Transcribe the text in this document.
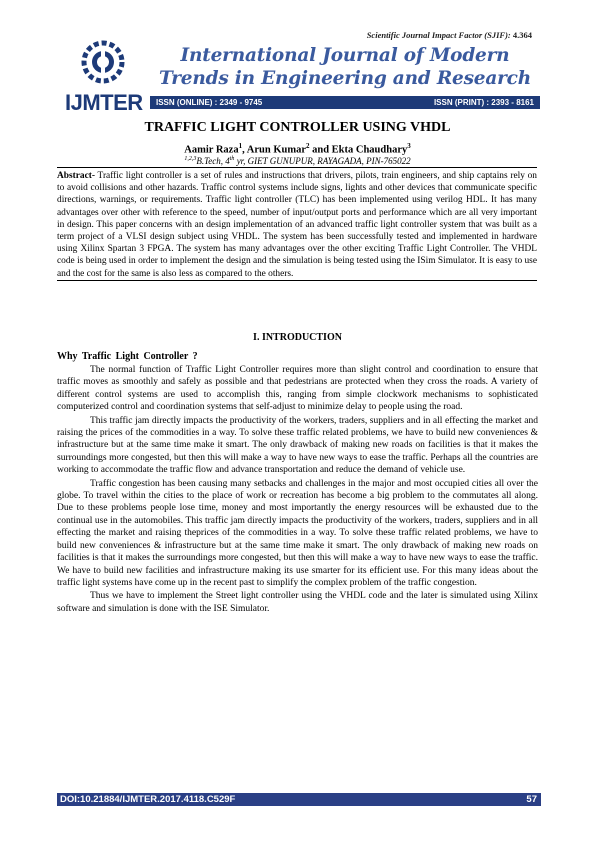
Scientific Journal Impact Factor (SJIF): 4.364
IJMTER
International Journal of Modern Trends in Engineering and Research
ISSN (ONLINE) : 2349 - 9745	ISSN (PRINT) : 2393 - 8161
TRAFFIC LIGHT CONTROLLER USING VHDL
Aamir Raza$^1$, Arun Kumar$^2$ and Ekta Chaudhary$^3$
$^{1,2,3}$B.Tech, 4th yr, GIET GUNUPUR, RAYAGADA, PIN-765022
Abstract- Traffic light controller is a set of rules and instructions that drivers, pilots, train engineers, and ship captains rely on to avoid collisions and other hazards. Traffic control systems include signs, lights and other devices that communicate specific directions, warnings, or requirements. Traffic light controller (TLC) has been implemented using verilog HDL. It has many advantages over other with reference to the speed, number of input/output ports and performance which are all very important in design. This paper concerns with an design implementation of an advanced traffic light controller system that was built as a term project of a VLSI design subject using VHDL. The system has been successfully tested and implemented in hardware using Xilinx Spartan 3 FPGA. The system has many advantages over the other exciting Traffic Light Controller. The VHDL code is being used in order to implement the design and the simulation is being tested using the ISim Simulator. It is easy to use and the cost for the same is also less as compared to the others.
I. INTRODUCTION
Why Traffic Light Controller ?

The normal function of Traffic Light Controller requires more than slight control and coordination to ensure that traffic moves as smoothly and safely as possible and that pedestrians are protected when they cross the roads. A variety of different control systems are used to accomplish this, ranging from simple clockwork mechanisms to sophisticated computerized control and coordination systems that self-adjust to minimize delay to people using the road.

This traffic jam directly impacts the productivity of the workers, traders, suppliers and in all effecting the market and raising the prices of the commodities in a way. To solve these traffic related problems, we have to build new conveniences & infrastructure but at the same time make it smart. The only drawback of making new roads on facilities is that it makes the surroundings more congested, but then this will make a way to have new ways to ease the traffic. Perhaps all the countries are working to accommodate the traffic flow and advance transportation and reduce the demand of vehicle use.

Traffic congestion has been causing many setbacks and challenges in the major and most occupied cities all over the globe. To travel within the cities to the place of work or recreation has become a big problem to the commutates all along. Due to these problems people lose time, money and most importantly the energy resources will be exhausted due to the continual use in the automobiles. This traffic jam directly impacts the productivity of the workers, traders, suppliers and in all effecting the market and raising theprices of the commodities in a way. To solve these traffic related problems, we have to build new conveniences & infrastructure but at the same time make it smart. The only drawback of making new roads on facilities is that it makes the surroundings more congested, but then this will make a way to have new ways to ease the traffic. We have to build new facilities and infrastructure making its use smarter for its efficient use. For this many ideas about the traffic light systems have come up in the recent past to simplify the complex problem of the traffic congestion.

Thus we have to implement the Street light controller using the VHDL code and the later is simulated using Xilinx software and simulation is done with the ISE Simulator.

DOI:10.21884/IJMTER.2017.4118.C529F	57
